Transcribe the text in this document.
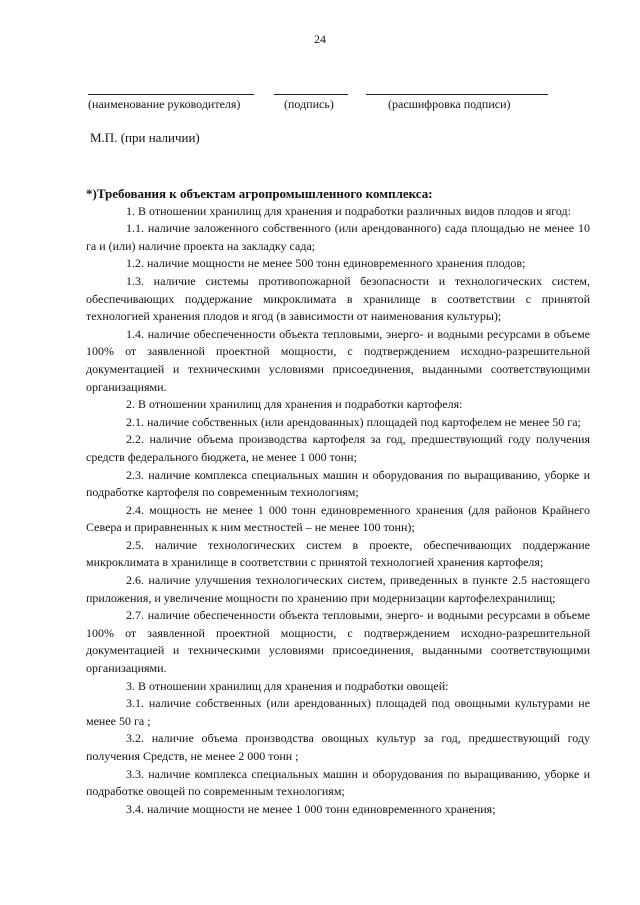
24
(наименование руководителя)	(подпись)	(расшифровка подписи)
М.П. (при наличии)

*)Требования к объектам агропромышленного комплекса:

1. В отношении хранилищ для хранения и подработки различных видов плодов и ягод:

1.1. наличие заложенного собственного (или арендованного) сада площадью не менее 10 га и (или) наличие проекта на закладку сада;

1.2. наличие мощности не менее 500 тонн единовременного хранения плодов;

1.3. наличие системы противопожарной безопасности и технологических систем, обеспечивающих поддержание микроклимата в хранилище в соответствии с принятой технологией хранения плодов и ягод (в зависимости от наименования культуры);

1.4. наличие обеспеченности объекта тепловыми, энерго- и водными ресурсами в объеме 100% от заявленной проектной мощности, с подтверждением исходно-разрешительной документацией и техническими условиями присоединения, выданными соответствующими организациями.

2. В отношении хранилищ для хранения и подработки картофеля:

2.1. наличие собственных (или арендованных) площадей под картофелем не менее 50 га;

2.2. наличие объема производства картофеля за год, предшествующий году получения средств федерального бюджета, не менее 1 000 тонн;

2.3. наличие комплекса специальных машин и оборудования по выращиванию, уборке и подработке картофеля по современным технологиям;

2.4. мощность не менее 1 000 тонн единовременного хранения (для районов Крайнего Севера и приравненных к ним местностей – не менее 100 тонн);

2.5. наличие технологических систем в проекте, обеспечивающих поддержание микроклимата в хранилище в соответствии с принятой технологией хранения картофеля;

2.6. наличие улучшения технологических систем, приведенных в пункте 2.5 настоящего приложения, и увеличение мощности по хранению при модернизации картофелехранилищ;

2.7. наличие обеспеченности объекта тепловыми, энерго- и водными ресурсами в объеме 100% от заявленной проектной мощности, с подтверждением исходно-разрешительной документацией и техническими условиями присоединения, выданными соответствующими организациями.

3. В отношении хранилищ для хранения и подработки овощей:

3.1. наличие собственных (или арендованных) площадей под овощными культурами не менее 50 га ;

3.2. наличие объема производства овощных культур за год, предшествующий году получения Средств, не менее 2 000 тонн ;

3.3. наличие комплекса специальных машин и оборудования по выращиванию, уборке и подработке овощей по современным технологиям;

3.4. наличие мощности не менее 1 000 тонн единовременного хранения;
